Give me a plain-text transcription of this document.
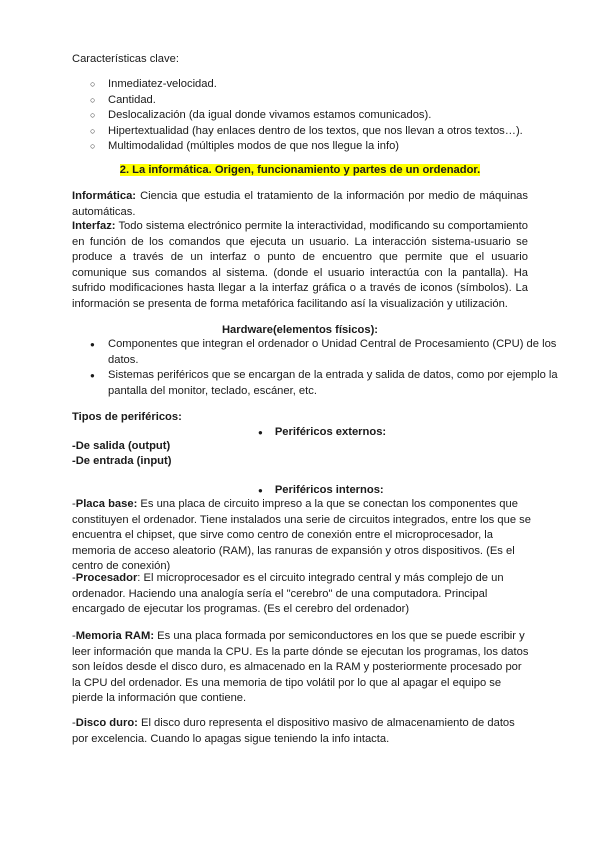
Características clave:
○ Inmediatez-velocidad.
○ Cantidad.
○ Deslocalización (da igual donde vivamos estamos comunicados).
○ Hipertextualidad (hay enlaces dentro de los textos, que nos llevan a otros textos…).
○ Multimodalidad (múltiples modos de que nos llegue la info)
2. La informática. Origen, funcionamiento y partes de un ordenador.
Informática: Ciencia que estudia el tratamiento de la información por medio de máquinas automáticas.
Interfaz: Todo sistema electrónico permite la interactividad, modificando su comportamiento en función de los comandos que ejecuta un usuario. La interacción sistema-usuario se produce a través de un interfaz o punto de encuentro que permite que el usuario comunique sus comandos al sistema. (donde el usuario interactúa con la pantalla). Ha sufrido modificaciones hasta llegar a la interfaz gráfica o a través de iconos (símbolos). La información se presenta de forma metafórica facilitando así la visualización y utilización.
Hardware(elementos físicos):
● Componentes que integran el ordenador o Unidad Central de Procesamiento (CPU) de los datos.
● Sistemas periféricos que se encargan de la entrada y salida de datos, como por ejemplo la pantalla del monitor, teclado, escáner, etc.
Tipos de periféricos:
● Periféricos externos:
-De salida (output)
-De entrada (input)
● Periféricos internos:
-Placa base: Es una placa de circuito impreso a la que se conectan los componentes que constituyen el ordenador. Tiene instalados una serie de circuitos integrados, entre los que se encuentra el chipset, que sirve como centro de conexión entre el microprocesador, la memoria de acceso aleatorio (RAM), las ranuras de expansión y otros dispositivos. (Es el centro de conexión)
-Procesador: El microprocesador es el circuito integrado central y más complejo de un ordenador. Haciendo una analogía sería el "cerebro" de una computadora. Principal encargado de ejecutar los programas. (Es el cerebro del ordenador)
-Memoria RAM: Es una placa formada por semiconductores en los que se puede escribir y leer información que manda la CPU. Es la parte dónde se ejecutan los programas, los datos son leídos desde el disco duro, es almacenado en la RAM y posteriormente procesado por la CPU del ordenador. Es una memoria de tipo volátil por lo que al apagar el equipo se pierde la información que contiene.
-Disco duro: El disco duro representa el dispositivo masivo de almacenamiento de datos por excelencia. Cuando lo apagas sigue teniendo la info intacta.
